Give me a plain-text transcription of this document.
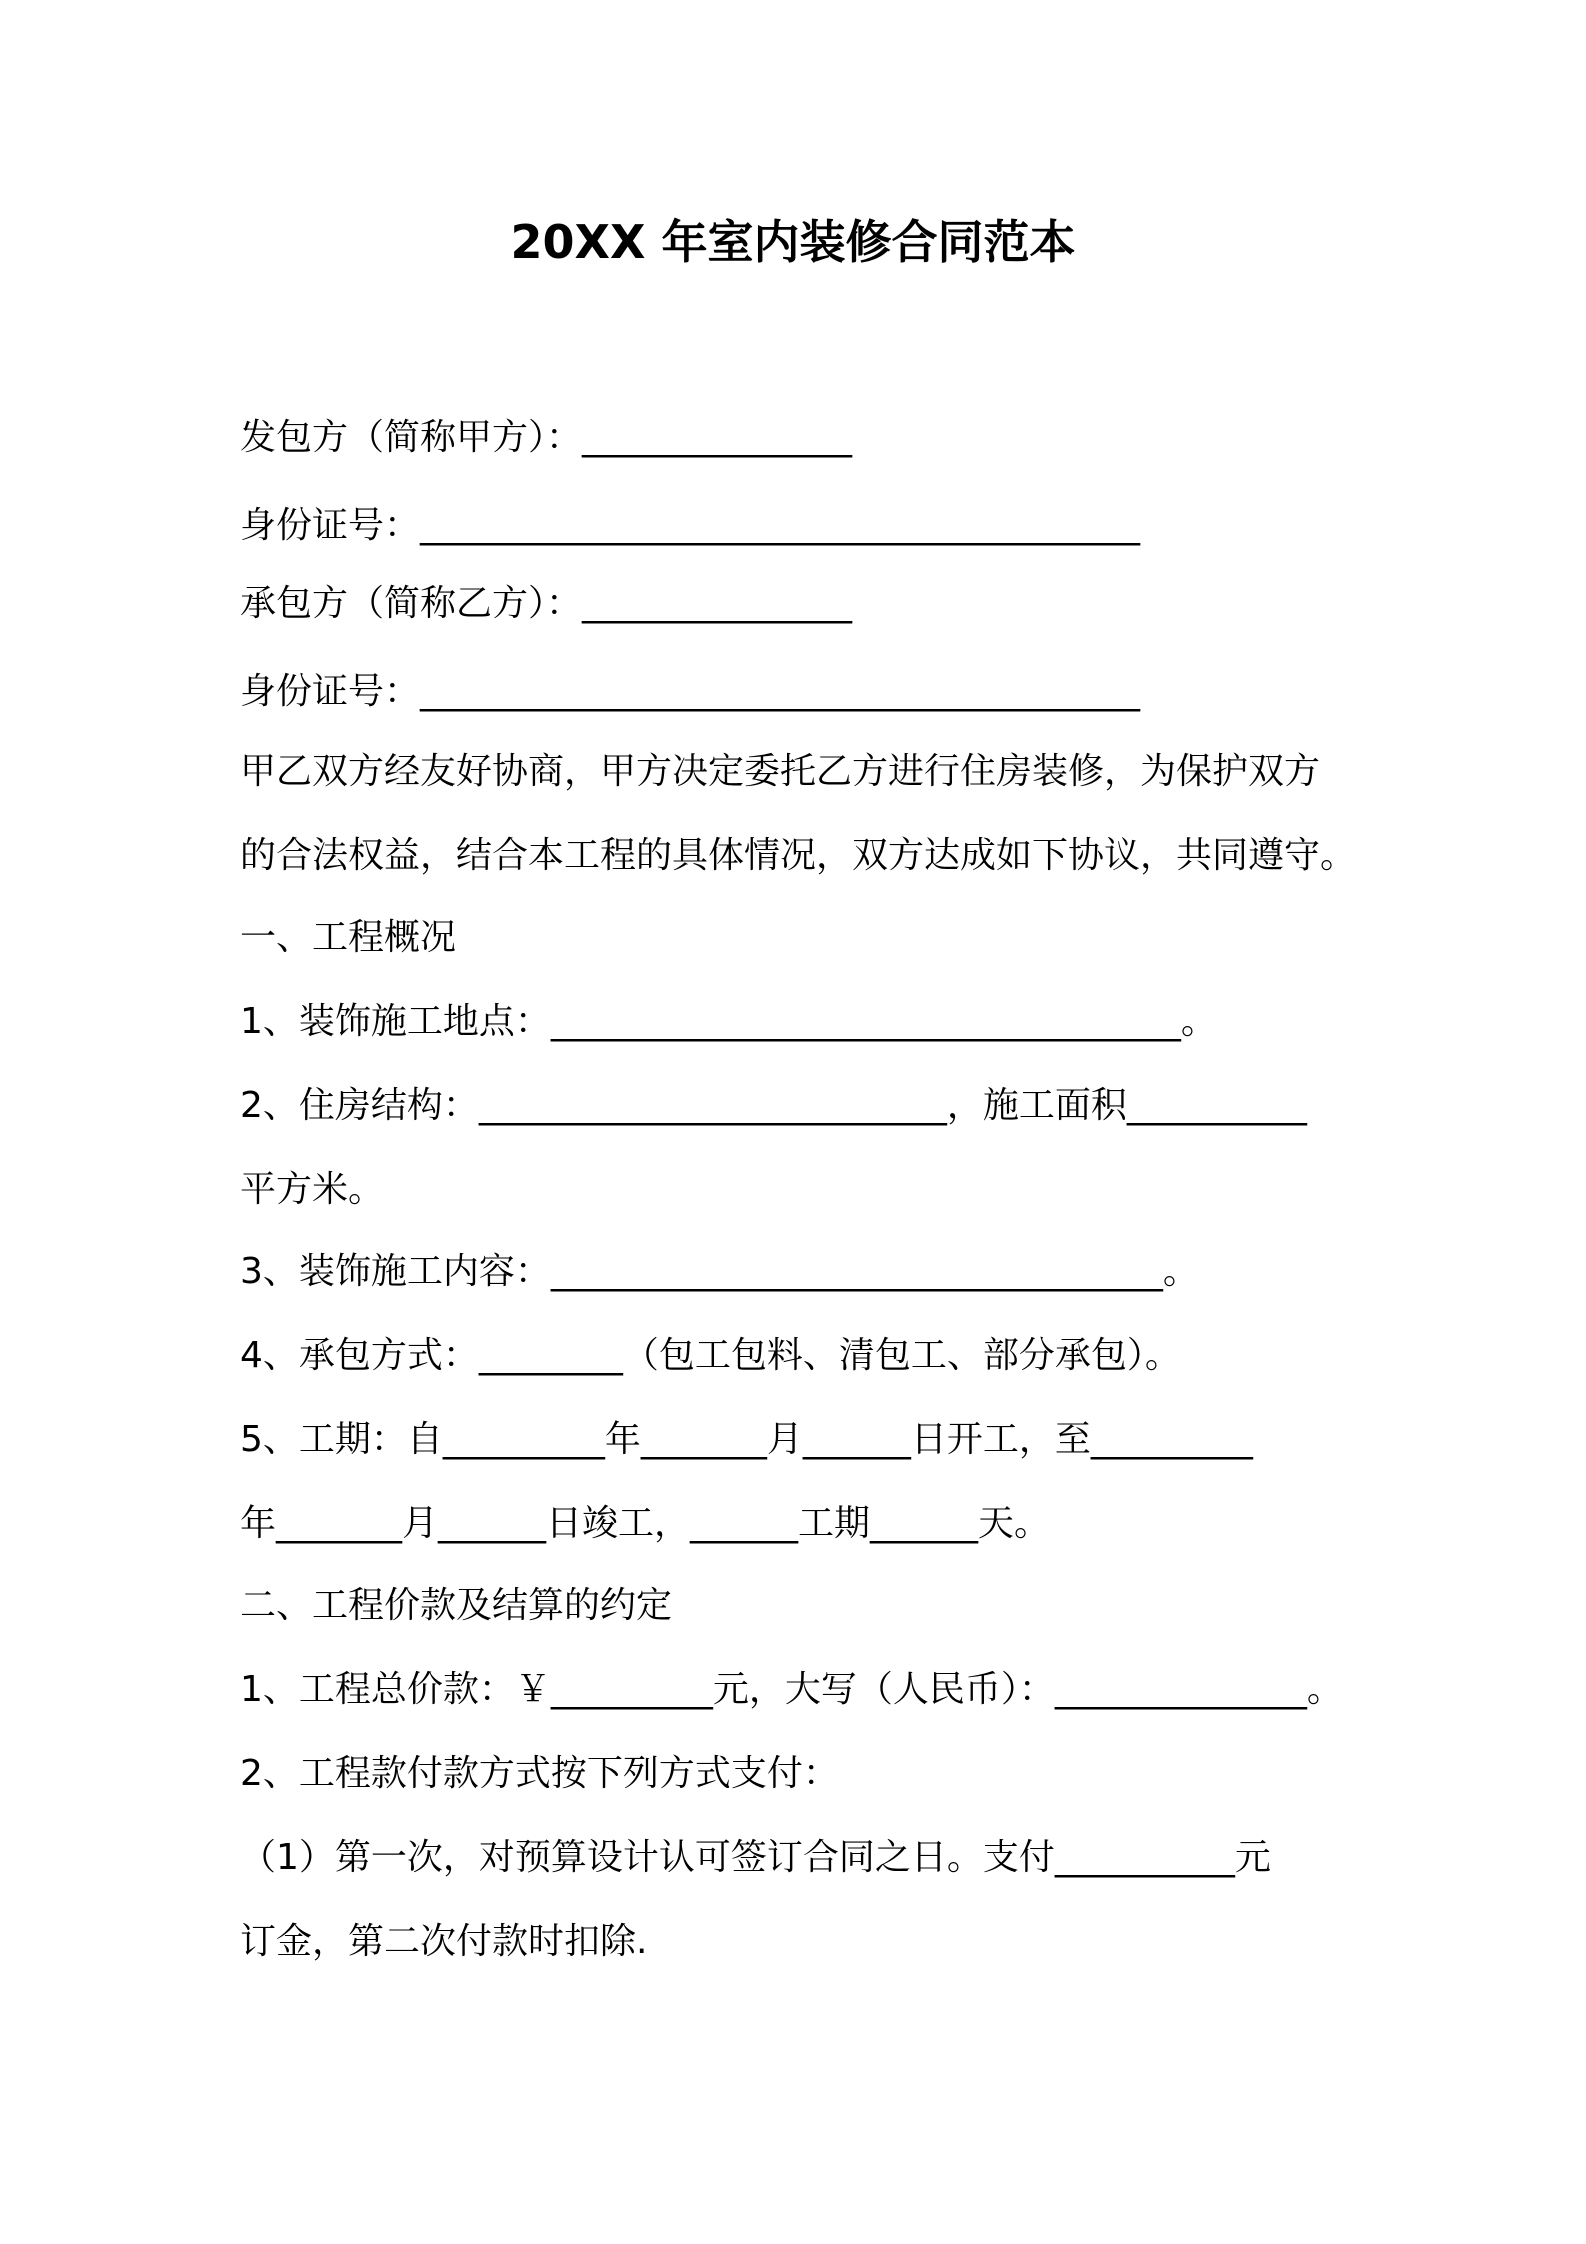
20XX 年室内装修合同范本
发包方（简称甲方）：_______________
身份证号：________________________________________
承包方（简称乙方）：_______________
身份证号：________________________________________
甲乙双方经友好协商，甲方决定委托乙方进行住房装修，为保护双方
的合法权益，结合本工程的具体情况，双方达成如下协议，共同遵守。
一、工程概况
1、装饰施工地点：___________________________________。
2、住房结构：__________________________，施工面积__________
平方米。
3、装饰施工内容：__________________________________。
4、承包方式：________（包工包料、清包工、部分承包）。
5、工期：自_________年_______月______日开工，至_________
年_______月______日竣工，______工期______天。
二、工程价款及结算的约定
1、工程总价款：￥_________元，大写（人民币）：______________。
2、工程款付款方式按下列方式支付：
（1）第一次，对预算设计认可签订合同之日。支付__________元
订金，第二次付款时扣除.
